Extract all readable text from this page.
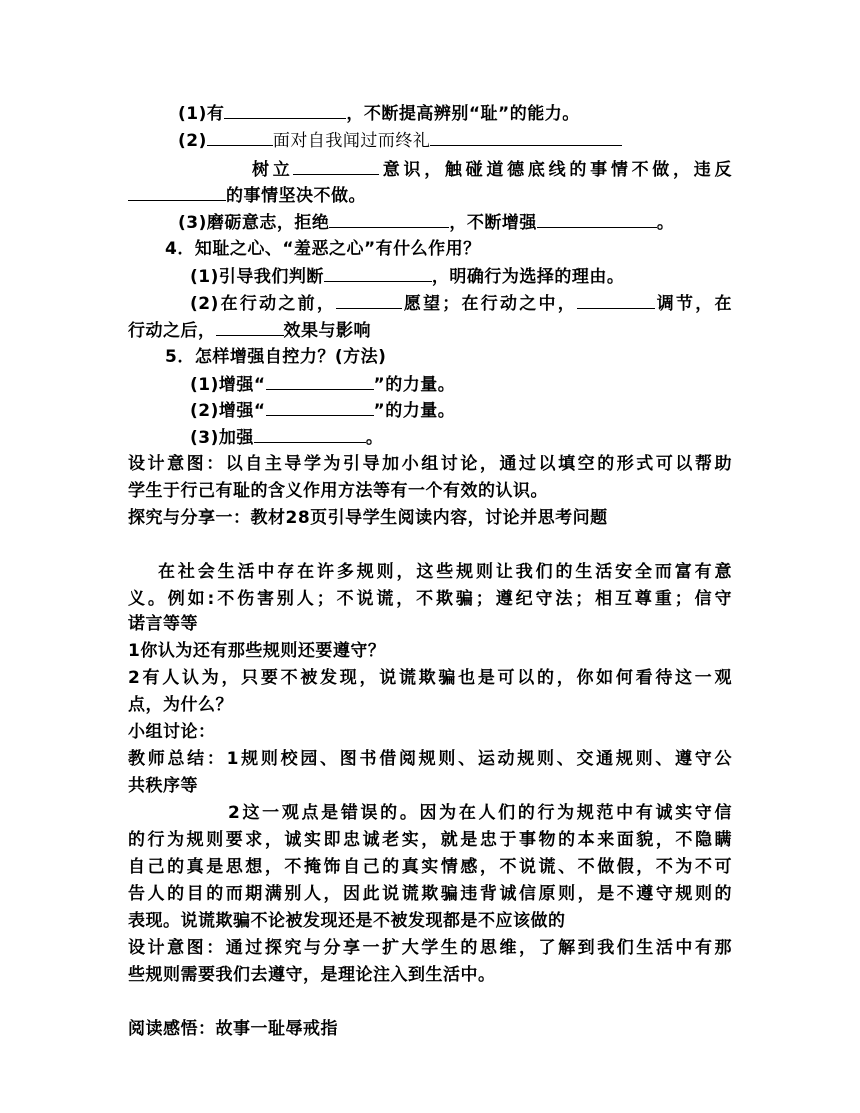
(1)有	，不断提高辨别“耻”的能力。
(2)	面对自我闻过而终礼
树立	意识，触碰道德底线的事情不做，违反
的事情坚决不做。
(3)磨砺意志，拒绝	，不断增强	。
4．知耻之心、“羞恶之心”有什么作用？
(1)引导我们判断	，明确行为选择的理由。
(2)在行动之前，	愿望；在行动之中，	调节，在
行动之后，	效果与影响
5．怎样增强自控力？(方法)
(1)增强“	”的力量。
(2)增强“	”的力量。
(3)加强	。
设计意图：以自主导学为引导加小组讨论，通过以填空的形式可以帮助
学生于行己有耻的含义作用方法等有一个有效的认识。
探究与分享一：教材28页引导学生阅读内容，讨论并思考问题
在社会生活中存在许多规则，这些规则让我们的生活安全而富有意
义。例如:不伤害别人；不说谎，不欺骗；遵纪守法；相互尊重；信守
诺言等等
1你认为还有那些规则还要遵守？
2有人认为，只要不被发现，说谎欺骗也是可以的，你如何看待这一观
点，为什么？
小组讨论：
教师总结：1规则校园、图书借阅规则、运动规则、交通规则、遵守公
共秩序等
2这一观点是错误的。因为在人们的行为规范中有诚实守信
的行为规则要求，诚实即忠诚老实，就是忠于事物的本来面貌，不隐瞒
自己的真是思想，不掩饰自己的真实情感，不说谎、不做假，不为不可
告人的目的而期满别人，因此说谎欺骗违背诚信原则，是不遵守规则的
表现。说谎欺骗不论被发现还是不被发现都是不应该做的
设计意图：通过探究与分享一扩大学生的思维，了解到我们生活中有那
些规则需要我们去遵守，是理论注入到生活中。
阅读感悟：故事一耻辱戒指
